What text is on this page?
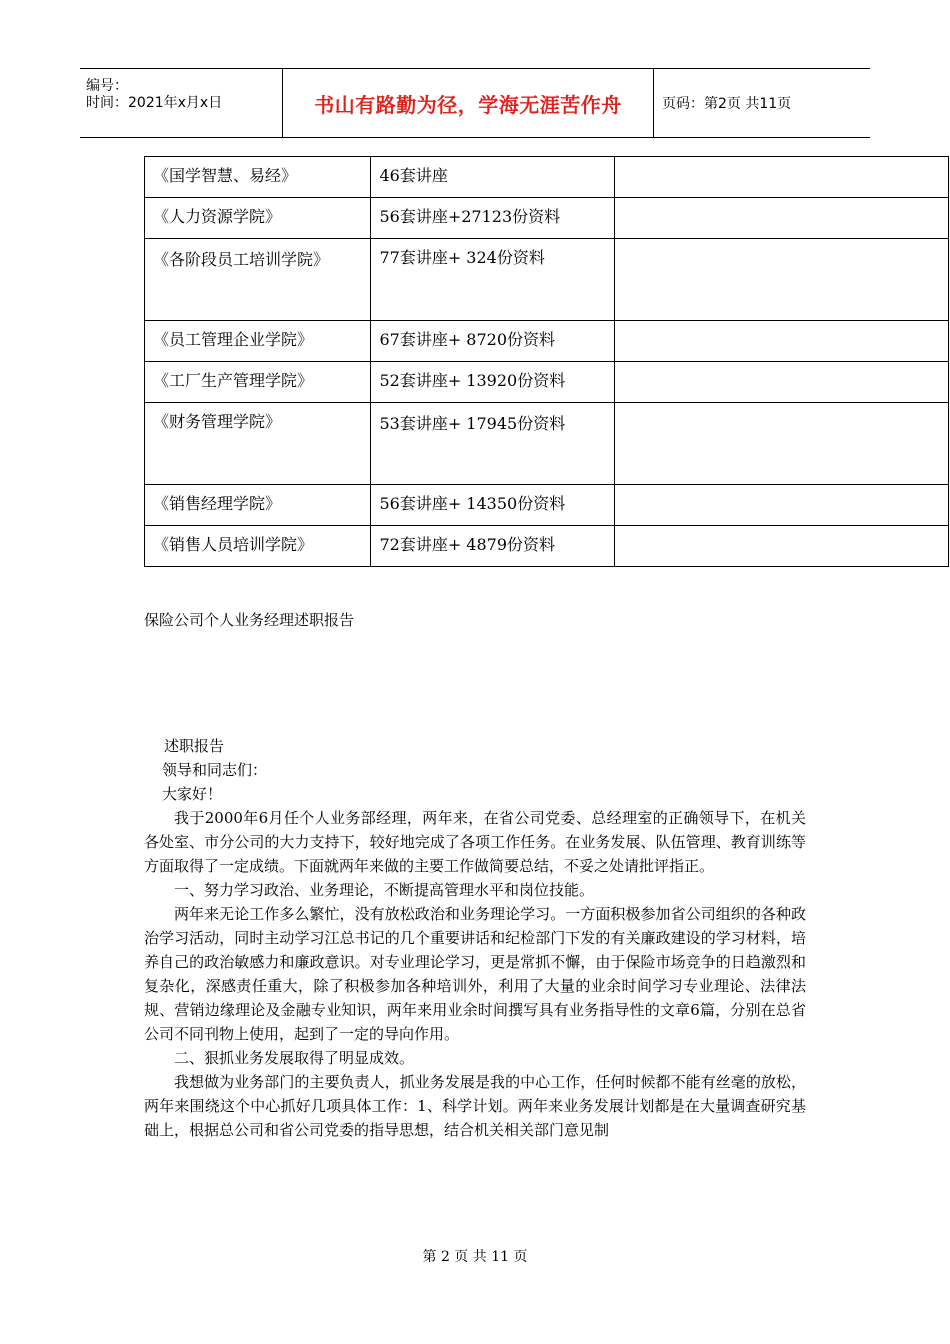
编号：
时间：2021年x月x日	书山有路勤为径，学海无涯苦作舟	页码：第2页 共11页
《国学智慧、易经》	46套讲座	
《人力资源学院》	56套讲座+27123份资料	
《各阶段员工培训学院》	77套讲座+ 324份资料	
《员工管理企业学院》	67套讲座+ 8720份资料	
《工厂生产管理学院》	52套讲座+ 13920份资料	
《财务管理学院》	53套讲座+ 17945份资料	
《销售经理学院》	56套讲座+ 14350份资料	
《销售人员培训学院》	72套讲座+ 4879份资料	
保险公司个人业务经理述职报告

述职报告

领导和同志们：

大家好！

我于2000年6月任个人业务部经理，两年来，在省公司党委、总经理室的正确领导下，在机关各处室、市分公司的大力支持下，较好地完成了各项工作任务。在业务发展、队伍管理、教育训练等方面取得了一定成绩。下面就两年来做的主要工作做简要总结，不妥之处请批评指正。

一、努力学习政治、业务理论，不断提高管理水平和岗位技能。

两年来无论工作多么繁忙，没有放松政治和业务理论学习。一方面积极参加省公司组织的各种政治学习活动，同时主动学习江总书记的几个重要讲话和纪检部门下发的有关廉政建设的学习材料，培养自己的政治敏感力和廉政意识。对专业理论学习，更是常抓不懈，由于保险市场竞争的日趋激烈和复杂化，深感责任重大，除了积极参加各种培训外，利用了大量的业余时间学习专业理论、法律法规、营销边缘理论及金融专业知识，两年来用业余时间撰写具有业务指导性的文章6篇，分别在总省公司不同刊物上使用，起到了一定的导向作用。

二、狠抓业务发展取得了明显成效。

我想做为业务部门的主要负责人，抓业务发展是我的中心工作，任何时候都不能有丝毫的放松，两年来围绕这个中心抓好几项具体工作：1、科学计划。两年来业务发展计划都是在大量调查研究基础上，根据总公司和省公司党委的指导思想，结合机关相关部门意见制

第 2 页 共 11 页
